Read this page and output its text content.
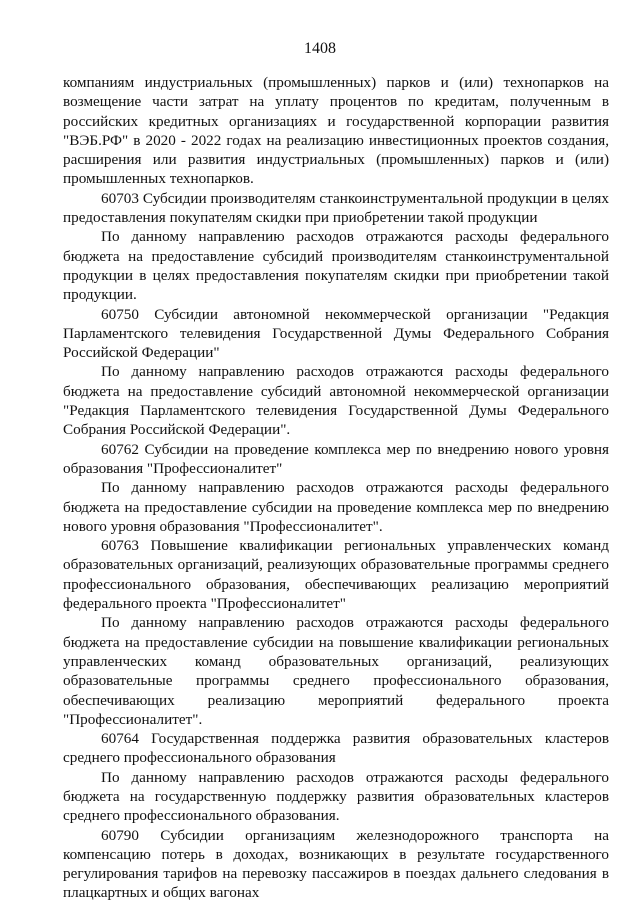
1408

компаниям индустриальных (промышленных) парков и (или) технопарков на возмещение части затрат на уплату процентов по кредитам, полученным в российских кредитных организациях и государственной корпорации развития "ВЭБ.РФ" в 2020 - 2022 годах на реализацию инвестиционных проектов создания, расширения или развития индустриальных (промышленных) парков и (или) промышленных технопарков.

60703 Субсидии производителям станкоинструментальной продукции в целях предоставления покупателям скидки при приобретении такой продукции

По данному направлению расходов отражаются расходы федерального бюджета на предоставление субсидий производителям станкоинструментальной продукции в целях предоставления покупателям скидки при приобретении такой продукции.

60750 Субсидии автономной некоммерческой организации "Редакция Парламентского телевидения Государственной Думы Федерального Собрания Российской Федерации"

По данному направлению расходов отражаются расходы федерального бюджета на предоставление субсидий автономной некоммерческой организации "Редакция Парламентского телевидения Государственной Думы Федерального Собрания Российской Федерации".

60762 Субсидии на проведение комплекса мер по внедрению нового уровня образования "Профессионалитет"

По данному направлению расходов отражаются расходы федерального бюджета на предоставление субсидии на проведение комплекса мер по внедрению нового уровня образования "Профессионалитет".

60763 Повышение квалификации региональных управленческих команд образовательных организаций, реализующих образовательные программы среднего профессионального образования, обеспечивающих реализацию мероприятий федерального проекта "Профессионалитет"

По данному направлению расходов отражаются расходы федерального бюджета на предоставление субсидии на повышение квалификации региональных управленческих команд образовательных организаций, реализующих образовательные программы среднего профессионального образования, обеспечивающих реализацию мероприятий федерального проекта "Профессионалитет".

60764 Государственная поддержка развития образовательных кластеров среднего профессионального образования

По данному направлению расходов отражаются расходы федерального бюджета на государственную поддержку развития образовательных кластеров среднего профессионального образования.

60790 Субсидии организациям железнодорожного транспорта на компенсацию потерь в доходах, возникающих в результате государственного регулирования тарифов на перевозку пассажиров в поездах дальнего следования в плацкартных и общих вагонах
